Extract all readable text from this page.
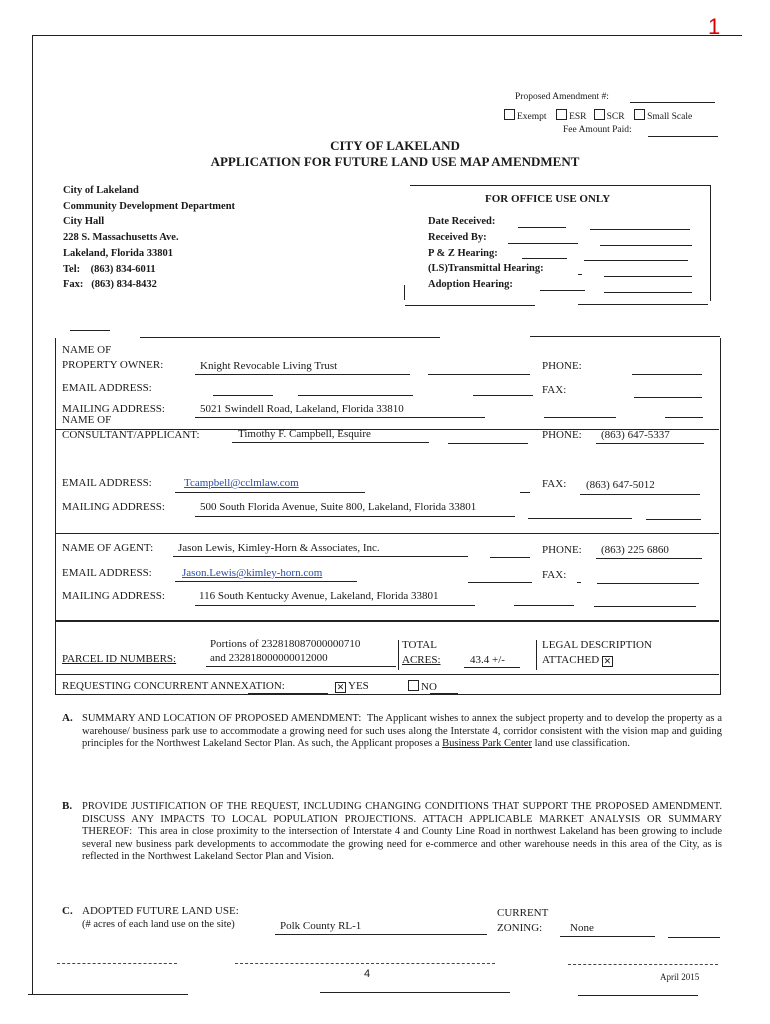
1
Proposed Amendment #:
Exempt ESR SCR Small Scale
Fee Amount Paid:
CITY OF LAKELAND
APPLICATION FOR FUTURE LAND USE MAP AMENDMENT
City of Lakeland
Community Development Department
City Hall
228 S. Massachusetts Ave.
Lakeland, Florida 33801
Tel:    (863) 834-6011
Fax:   (863) 834-8432
FOR OFFICE USE ONLY
Date Received:
Received By:
P & Z Hearing:
(LS)Transmittal Hearing:
Adoption Hearing:
NAME OF
PROPERTY OWNER:	Knight Revocable Living Trust	PHONE:
EMAIL ADDRESS:	FAX:
MAILING ADDRESS:	5021 Swindell Road, Lakeland, Florida 33810
NAME OF
CONSULTANT/APPLICANT:	Timothy F. Campbell, Esquire	PHONE: (863) 647-5337
EMAIL ADDRESS:	Tcampbell@cclmlaw.com	FAX: (863) 647-5012
MAILING ADDRESS:	500 South Florida Avenue, Suite 800, Lakeland, Florida 33801
NAME OF AGENT: Jason Lewis, Kimley-Horn & Associates, Inc.	PHONE: (863) 225 6860
EMAIL ADDRESS:	Jason.Lewis@kimley-horn.com	FAX:
MAILING ADDRESS:	116 South Kentucky Avenue, Lakeland, Florida 33801
Portions of 232818087000000710
and 232818000000012000
PARCEL ID NUMBERS:
TOTAL
ACRES:	43.4 +/-
LEGAL DESCRIPTION
ATTACHED ✕
REQUESTING CONCURRENT ANNEXATION:	✕ YES	NO
A. SUMMARY AND LOCATION OF PROPOSED AMENDMENT: The Applicant wishes to annex the subject property and to develop the property as a warehouse/ business park use to accommodate a growing need for such uses along the Interstate 4, corridor consistent with the vision map and guiding principles for the Northwest Lakeland Sector Plan. As such, the Applicant proposes a Business Park Center land use classification.
B. PROVIDE JUSTIFICATION OF THE REQUEST, INCLUDING CHANGING CONDITIONS THAT SUPPORT THE PROPOSED AMENDMENT. DISCUSS ANY IMPACTS TO LOCAL POPULATION PROJECTIONS. ATTACH APPLICABLE MARKET ANALYSIS OR SUMMARY THEREOF: This area in close proximity to the intersection of Interstate 4 and County Line Road in northwest Lakeland has been growing to include several new business park developments to accommodate the growing need for e-commerce and other warehouse needs in this area of the City, as is reflected in the Northwest Lakeland Sector Plan and Vision.
C. ADOPTED FUTURE LAND USE:
(# acres of each land use on the site)	Polk County RL-1
CURRENT
ZONING:	None
4	April 2015
